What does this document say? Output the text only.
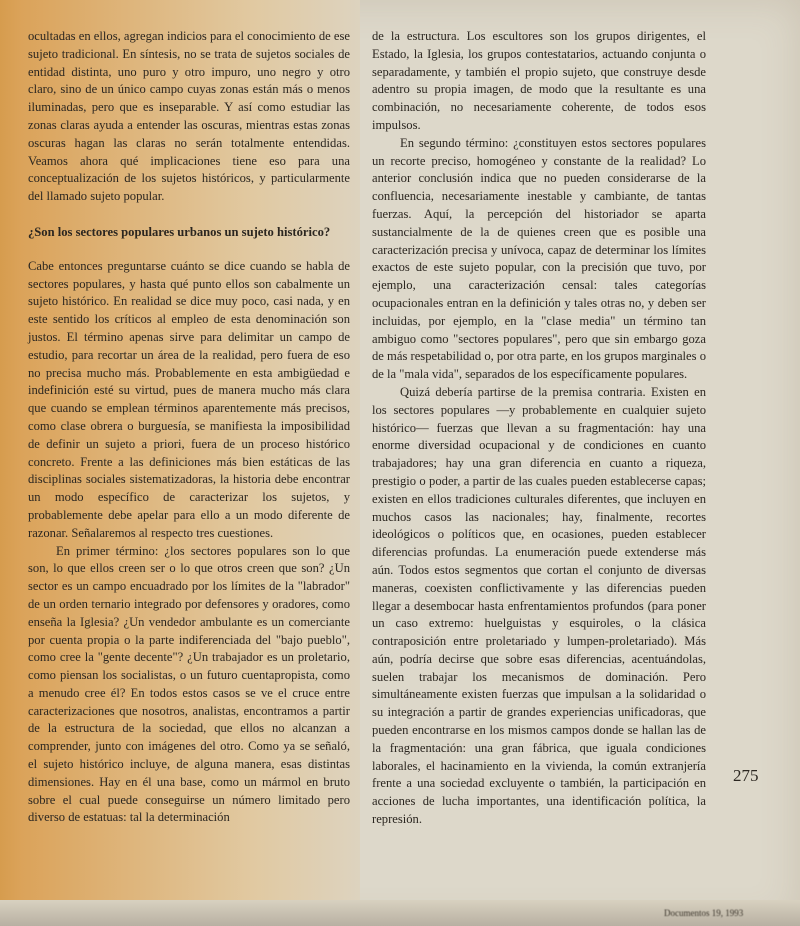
ocultadas en ellos, agregan indicios para el conocimiento de ese sujeto tradicional. En síntesis, no se trata de sujetos sociales de entidad distinta, uno puro y otro impuro, uno negro y otro claro, sino de un único campo cuyas zonas están más o menos iluminadas, pero que es inseparable. Y así como estudiar las zonas claras ayuda a entender las oscuras, mientras estas zonas oscuras hagan las claras no serán totalmente entendidas. Veamos ahora qué implicaciones tiene eso para una conceptualización de los sujetos históricos, y particularmente del llamado sujeto popular.

¿Son los sectores populares urbanos un sujeto histórico?

Cabe entonces preguntarse cuánto se dice cuando se habla de sectores populares, y hasta qué punto ellos son cabalmente un sujeto histórico. En realidad se dice muy poco, casi nada, y en este sentido los críticos al empleo de esta denominación son justos. El término apenas sirve para delimitar un campo de estudio, para recortar un área de la realidad, pero fuera de eso no precisa mucho más. Probablemente en esta ambigüedad e indefinición esté su virtud, pues de manera mucho más clara que cuando se emplean términos aparentemente más precisos, como clase obrera o burguesía, se manifiesta la imposibilidad de definir un sujeto a priori, fuera de un proceso histórico concreto. Frente a las definiciones más bien estáticas de las disciplinas sociales sistematizadoras, la historia debe encontrar un modo específico de caracterizar los sujetos, y probablemente debe apelar para ello a un modo diferente de razonar. Señalaremos al respecto tres cuestiones.

En primer término: ¿los sectores populares son lo que son, lo que ellos creen ser o lo que otros creen que son? ¿Un sector es un campo encuadrado por los límites de la "labrador" de un orden ternario integrado por defensores y oradores, como enseña la Iglesia? ¿Un vendedor ambulante es un comerciante por cuenta propia o la parte indiferenciada del "bajo pueblo", como cree la "gente decente"? ¿Un trabajador es un proletario, como piensan los socialistas, o un futuro cuentapropista, como a menudo cree él? En todos estos casos se ve el cruce entre caracterizaciones que nosotros, analistas, encontramos a partir de la estructura de la sociedad, que ellos no alcanzan a comprender, junto con imágenes del otro. Como ya se señaló, el sujeto histórico incluye, de alguna manera, esas distintas dimensiones. Hay en él una base, como un mármol en bruto sobre el cual puede conseguirse un número limitado pero diverso de estatuas: tal la determinación

de la estructura. Los escultores son los grupos dirigentes, el Estado, la Iglesia, los grupos contestatarios, actuando conjunta o separadamente, y también el propio sujeto, que construye desde adentro su propia imagen, de modo que la resultante es una combinación, no necesariamente coherente, de todos esos impulsos.

En segundo término: ¿constituyen estos sectores populares un recorte preciso, homogéneo y constante de la realidad? Lo anterior conclusión indica que no pueden considerarse de la confluencia, necesariamente inestable y cambiante, de tantas fuerzas. Aquí, la percepción del historiador se aparta sustancialmente de la de quienes creen que es posible una caracterización precisa y unívoca, capaz de determinar los límites exactos de este sujeto popular, con la precisión que tuvo, por ejemplo, una caracterización censal: tales categorías ocupacionales entran en la definición y tales otras no, y deben ser incluidas, por ejemplo, en la "clase media" un término tan ambiguo como "sectores populares", pero que sin embargo goza de más respetabilidad o, por otra parte, en los grupos marginales o de la "mala vida", separados de los específicamente populares.

Quizá debería partirse de la premisa contraria. Existen en los sectores populares —y probablemente en cualquier sujeto histórico— fuerzas que llevan a su fragmentación: hay una enorme diversidad ocupacional y de condiciones en cuanto trabajadores; hay una gran diferencia en cuanto a riqueza, prestigio o poder, a partir de las cuales pueden establecerse capas; existen en ellos tradiciones culturales diferentes, que incluyen en muchos casos las nacionales; hay, finalmente, recortes ideológicos o políticos que, en ocasiones, pueden establecer diferencias profundas. La enumeración puede extenderse más aún. Todos estos segmentos que cortan el conjunto de diversas maneras, coexisten conflictivamente y las diferencias pueden llegar a desembocar hasta enfrentamientos profundos (para poner un caso extremo: huelguistas y esquiroles, o la clásica contraposición entre proletariado y lumpen-proletariado). Más aún, podría decirse que sobre esas diferencias, acentuándolas, suelen trabajar los mecanismos de dominación. Pero simultáneamente existen fuerzas que impulsan a la solidaridad o su integración a partir de grandes experiencias unificadoras, que pueden encontrarse en los mismos campos donde se hallan las de la fragmentación: una gran fábrica, que iguala condiciones laborales, el hacinamiento en la vivienda, la común extranjería frente a una sociedad excluyente o también, la participación en acciones de lucha importantes, una identificación política, la represión.

275
Documentos 19, 1993
